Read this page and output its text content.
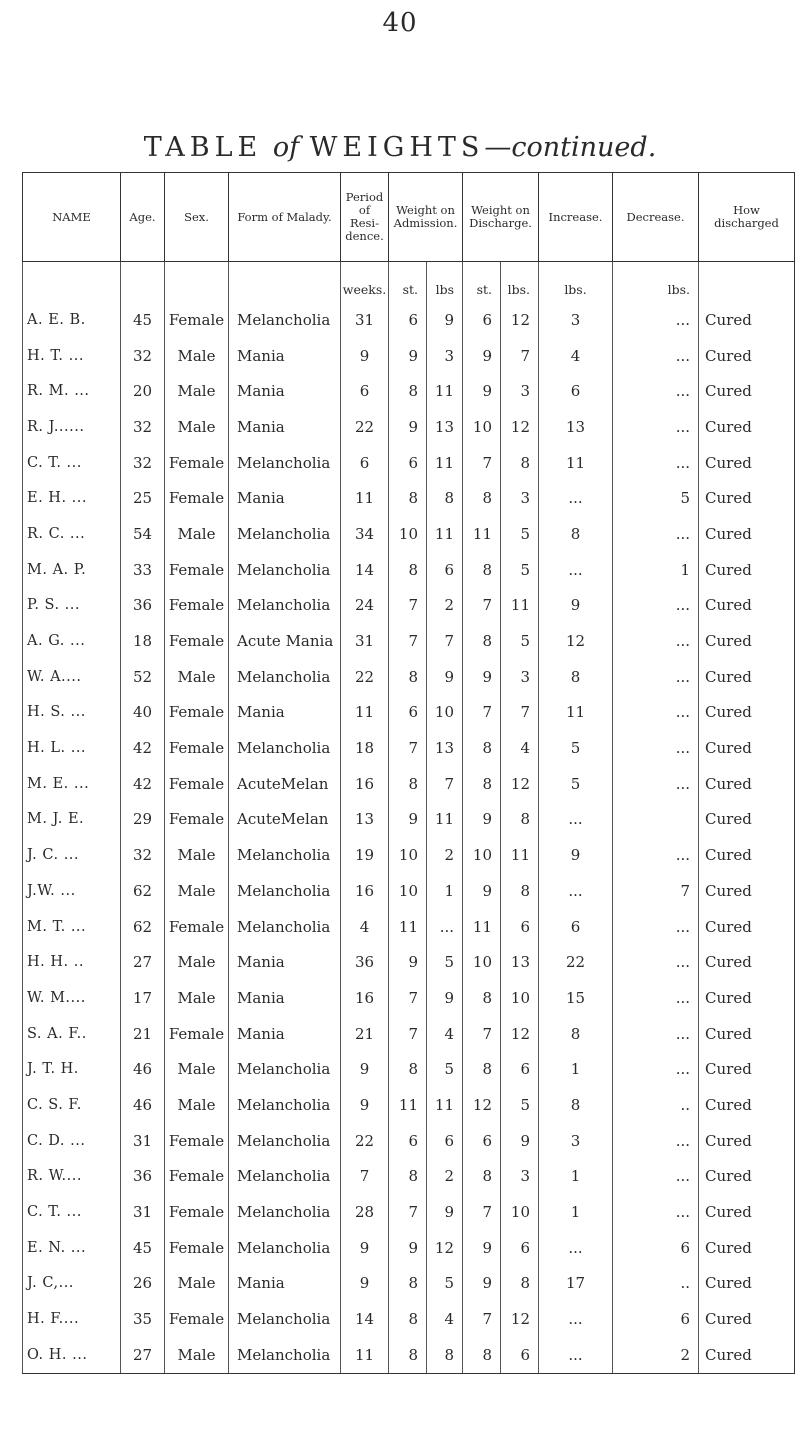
40
TABLE of WEIGHTS—continued.
NAME	Age.	Sex.	Form of Malady.	Period of Resi- dence.	Weight on Admission.		Weight on Discharge.		Increase.	Decrease.	How discharged
				weeks.	st.	lbs	st.	lbs.	lbs.	lbs.	
A. E. B.	45	Female	Melancholia	31	6	9	6	12	3	...	Cured
H. T. ...	32	Male	Mania	9	9	3	9	7	4	...	Cured
R. M. ...	20	Male	Mania	6	8	11	9	3	6	...	Cured
R. J......	32	Male	Mania	22	9	13	10	12	13	...	Cured
C. T. ...	32	Female	Melancholia	6	6	11	7	8	11	...	Cured
E. H. ...	25	Female	Mania	11	8	8	8	3	...	5	Cured
R. C. ...	54	Male	Melancholia	34	10	11	11	5	8	...	Cured
M. A. P.	33	Female	Melancholia	14	8	6	8	5	...	1	Cured
P. S. ...	36	Female	Melancholia	24	7	2	7	11	9	...	Cured
A. G. ...	18	Female	Acute Mania	31	7	7	8	5	12	...	Cured
W. A....	52	Male	Melancholia	22	8	9	9	3	8	...	Cured
H. S. ...	40	Female	Mania	11	6	10	7	7	11	...	Cured
H. L. ...	42	Female	Melancholia	18	7	13	8	4	5	...	Cured
M. E. ...	42	Female	AcuteMelan	16	8	7	8	12	5	...	Cured
M. J. E.	29	Female	AcuteMelan	13	9	11	9	8	...		Cured
J. C. ...	32	Male	Melancholia	19	10	2	10	11	9	...	Cured
J.W. ...	62	Male	Melancholia	16	10	1	9	8	...	7	Cured
M. T. ...	62	Female	Melancholia	4	11	...	11	6	6	...	Cured
H. H. ..	27	Male	Mania	36	9	5	10	13	22	...	Cured
W. M....	17	Male	Mania	16	7	9	8	10	15	...	Cured
S. A. F..	21	Female	Mania	21	7	4	7	12	8	...	Cured
J. T. H.	46	Male	Melancholia	9	8	5	8	6	1	...	Cured
C. S. F.	46	Male	Melancholia	9	11	11	12	5	8	..	Cured
C. D. ...	31	Female	Melancholia	22	6	6	6	9	3	...	Cured
R. W....	36	Female	Melancholia	7	8	2	8	3	1	...	Cured
C. T. ...	31	Female	Melancholia	28	7	9	7	10	1	...	Cured
E. N. ...	45	Female	Melancholia	9	9	12	9	6	...	6	Cured
J. C,...	26	Male	Mania	9	8	5	9	8	17	..	Cured
H. F....	35	Female	Melancholia	14	8	4	7	12	...	6	Cured
O. H. ...	27	Male	Melancholia	11	8	8	8	6	...	2	Cured
